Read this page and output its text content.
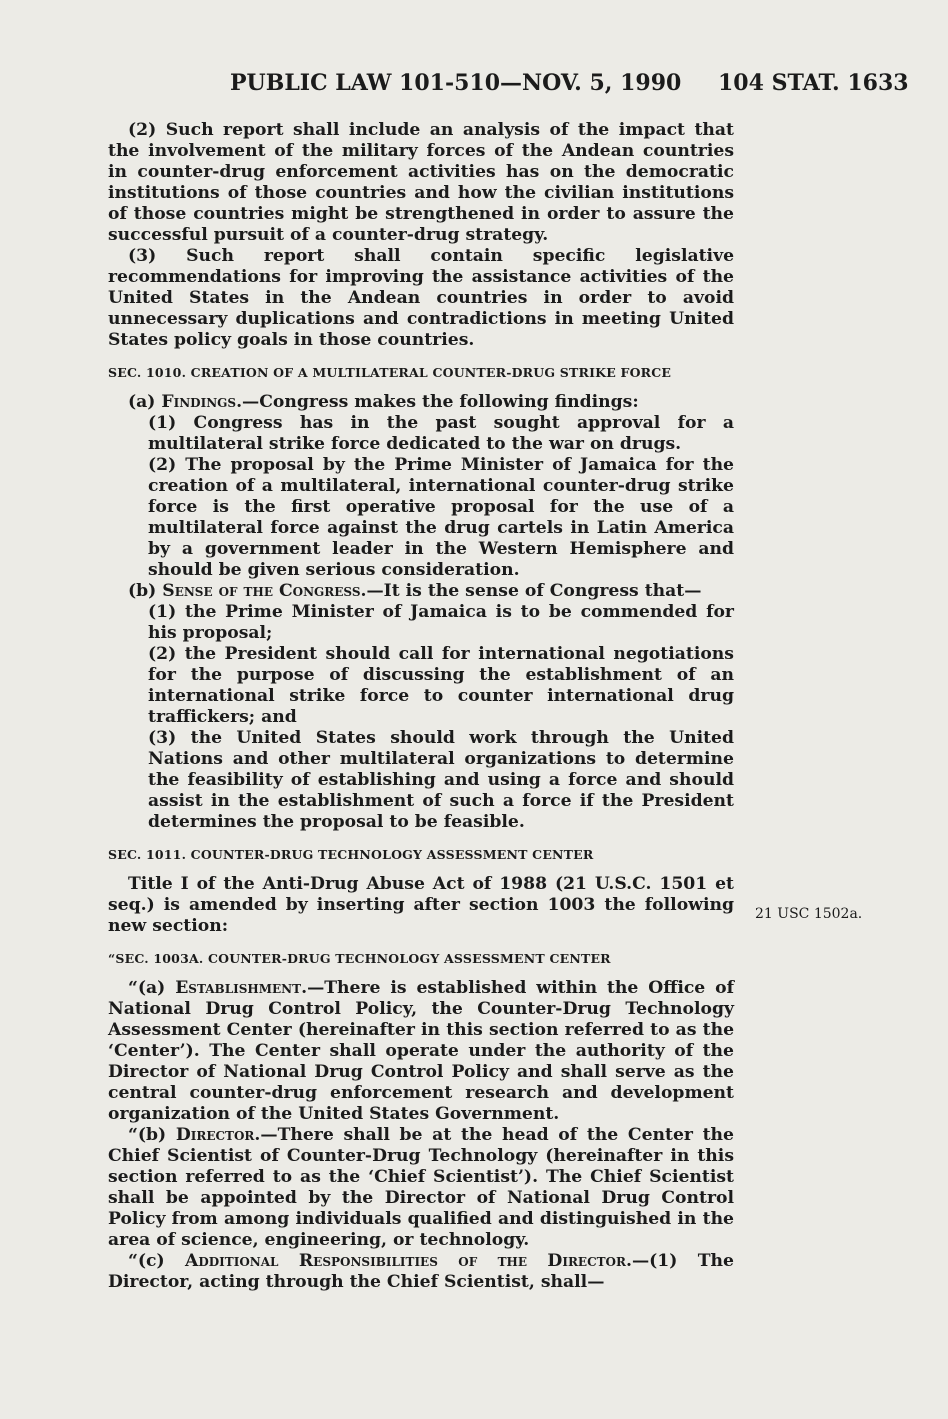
PUBLIC LAW 101-510—NOV. 5, 1990 104 STAT. 1633

(2) Such report shall include an analysis of the impact that the involvement of the military forces of the Andean countries in counter-drug enforcement activities has on the democratic institutions of those countries and how the civilian institutions of those countries might be strengthened in order to assure the successful pursuit of a counter-drug strategy.

(3) Such report shall contain specific legislative recommendations for improving the assistance activities of the United States in the Andean countries in order to avoid unnecessary duplications and contradictions in meeting United States policy goals in those countries.

SEC. 1010. CREATION OF A MULTILATERAL COUNTER-DRUG STRIKE FORCE

(a) Findings.—Congress makes the following findings:

(1) Congress has in the past sought approval for a multilateral strike force dedicated to the war on drugs.

(2) The proposal by the Prime Minister of Jamaica for the creation of a multilateral, international counter-drug strike force is the first operative proposal for the use of a multilateral force against the drug cartels in Latin America by a government leader in the Western Hemisphere and should be given serious consideration.

(b) Sense of the Congress.—It is the sense of Congress that—

(1) the Prime Minister of Jamaica is to be commended for his proposal;

(2) the President should call for international negotiations for the purpose of discussing the establishment of an international strike force to counter international drug traffickers; and

(3) the United States should work through the United Nations and other multilateral organizations to determine the feasibility of establishing and using a force and should assist in the establishment of such a force if the President determines the proposal to be feasible.

SEC. 1011. COUNTER-DRUG TECHNOLOGY ASSESSMENT CENTER

Title I of the Anti-Drug Abuse Act of 1988 (21 U.S.C. 1501 et seq.) is amended by inserting after section 1003 the following new section:

“SEC. 1003A. COUNTER-DRUG TECHNOLOGY ASSESSMENT CENTER

“(a) Establishment.—There is established within the Office of National Drug Control Policy, the Counter-Drug Technology Assessment Center (hereinafter in this section referred to as the ‘Center’). The Center shall operate under the authority of the Director of National Drug Control Policy and shall serve as the central counter-drug enforcement research and development organization of the United States Government.

“(b) Director.—There shall be at the head of the Center the Chief Scientist of Counter-Drug Technology (hereinafter in this section referred to as the ‘Chief Scientist’). The Chief Scientist shall be appointed by the Director of National Drug Control Policy from among individuals qualified and distinguished in the area of science, engineering, or technology.

“(c) Additional Responsibilities of the Director.—(1) The Director, acting through the Chief Scientist, shall—

21 USC 1502a.
